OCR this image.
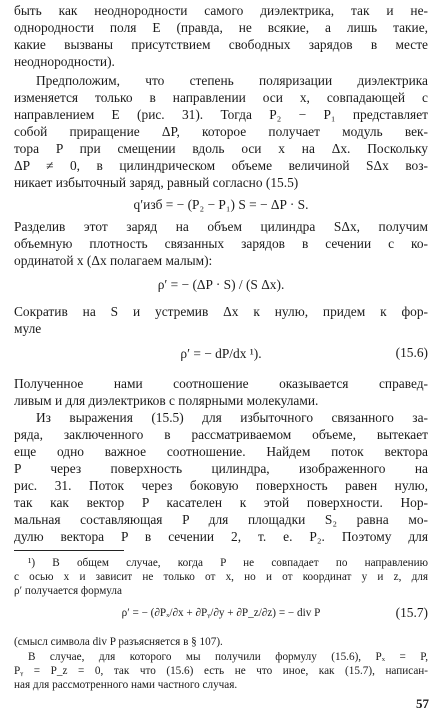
быть как неоднородности самого диэлектрика, так и не-
однородности поля E (правда, не всякие, а лишь такие,
какие вызваны присутствием свободных зарядов в месте
неоднородности).
Предположим, что степень поляризации диэлектрика
изменяется только в направлении оси x, совпадающей с
направлением E (рис. 31). Тогда P₂ − P₁ представляет
собой приращение ΔP, которое получает модуль век-
тора P при смещении вдоль оси x на Δx. Поскольку
ΔP ≠ 0, в цилиндрическом объеме величиной SΔx воз-
никает избыточный заряд, равный согласно (15.5)
q′изб = − (P₂ − P₁) S = − ΔP · S.
Разделив этот заряд на объем цилиндра SΔx, получим
объемную плотность связанных зарядов в сечении с ко-
ординатой x (Δx полагаем малым):
ρ′ = − (ΔP · S) / (S Δx).
Сократив на S и устремив Δx к нулю, придем к фор-
муле
ρ′ = − dP/dx ¹).	(15.6)
Полученное нами соотношение оказывается справед-
ливым и для диэлектриков с полярными молекулами.
Из выражения (15.5) для избыточного связанного за-
ряда, заключенного в рассматриваемом объеме, вытекает
еще одно важное соотношение. Найдем поток вектора
P через поверхность цилиндра, изображенного на
рис. 31. Поток через боковую поверхность равен нулю,
так как вектор P касателен к этой поверхности. Нор-
мальная составляющая P для площадки S₂ равна мо-
дулю вектора P в сечении 2, т. е. P₂. Поэтому для
¹) В общем случае, когда P не совпадает по направлению
с осью x и зависит не только от x, но и от координат y и z, для
ρ′ получается формула
ρ′ = − (∂Pₓ/∂x + ∂Pᵧ/∂y + ∂P_z/∂z) = − div P	(15.7)
(смысл символа div P разъясняется в § 107).
В случае, для которого мы получили формулу (15.6), Pₓ = P,
Pᵧ = P_z = 0, так что (15.6) есть не что иное, как (15.7), написан-
ная для рассмотренного нами частного случая.
57
